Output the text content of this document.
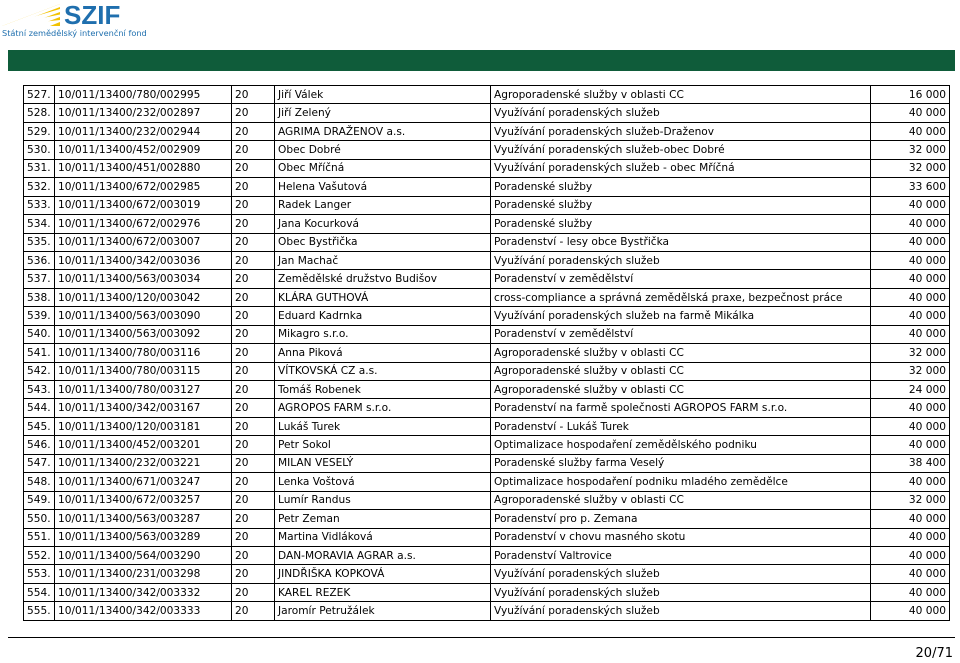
SZIF
Státní zemědělský intervenční fond
527.	10/011/13400/780/002995	20	Jiří Válek	Agroporadenské služby v oblasti CC	16 000
528.	10/011/13400/232/002897	20	Jiří Zelený	Využívání poradenských služeb	40 000
529.	10/011/13400/232/002944	20	AGRIMA DRAŽENOV a.s.	Využívání poradenských služeb-Draženov	40 000
530.	10/011/13400/452/002909	20	Obec Dobré	Využívání poradenských služeb-obec Dobré	32 000
531.	10/011/13400/451/002880	20	Obec Mříčná	Využívání poradenských služeb - obec Mříčná	32 000
532.	10/011/13400/672/002985	20	Helena Vašutová	Poradenské služby	33 600
533.	10/011/13400/672/003019	20	Radek Langer	Poradenské služby	40 000
534.	10/011/13400/672/002976	20	Jana Kocurková	Poradenské služby	40 000
535.	10/011/13400/672/003007	20	Obec Bystřička	Poradenství - lesy obce Bystřička	40 000
536.	10/011/13400/342/003036	20	Jan Machač	Využívání poradenských služeb	40 000
537.	10/011/13400/563/003034	20	Zemědělské družstvo Budišov	Poradenství v zemědělství	40 000
538.	10/011/13400/120/003042	20	KLÁRA GUTHOVÁ	cross-compliance a správná zemědělská praxe, bezpečnost práce	40 000
539.	10/011/13400/563/003090	20	Eduard Kadrnka	Využívání poradenských služeb na farmě Mikálka	40 000
540.	10/011/13400/563/003092	20	Mikagro s.r.o.	Poradenství v zemědělství	40 000
541.	10/011/13400/780/003116	20	Anna Piková	Agroporadenské služby v oblasti CC	32 000
542.	10/011/13400/780/003115	20	VÍTKOVSKÁ CZ a.s.	Agroporadenské služby v oblasti CC	32 000
543.	10/011/13400/780/003127	20	Tomáš Robenek	Agroporadenské služby v oblasti CC	24 000
544.	10/011/13400/342/003167	20	AGROPOS FARM s.r.o.	Poradenství na farmě společnosti AGROPOS FARM s.r.o.	40 000
545.	10/011/13400/120/003181	20	Lukáš Turek	Poradenství - Lukáš Turek	40 000
546.	10/011/13400/452/003201	20	Petr Sokol	Optimalizace hospodaření zemědělského podniku	40 000
547.	10/011/13400/232/003221	20	MILAN VESELÝ	Poradenské služby farma Veselý	38 400
548.	10/011/13400/671/003247	20	Lenka Voštová	Optimalizace hospodaření podniku mladého zemědělce	40 000
549.	10/011/13400/672/003257	20	Lumír Randus	Agroporadenské služby v oblasti CC	32 000
550.	10/011/13400/563/003287	20	Petr Zeman	Poradenství pro p. Zemana	40 000
551.	10/011/13400/563/003289	20	Martina Vidláková	Poradenství v chovu masného skotu	40 000
552.	10/011/13400/564/003290	20	DAN-MORAVIA AGRAR a.s.	Poradenství Valtrovice	40 000
553.	10/011/13400/231/003298	20	JINDŘIŠKA KOPKOVÁ	Využívání poradenských služeb	40 000
554.	10/011/13400/342/003332	20	KAREL REZEK	Využívání poradenských služeb	40 000
555.	10/011/13400/342/003333	20	Jaromír Petružálek	Využívání poradenských služeb	40 000
20/71
